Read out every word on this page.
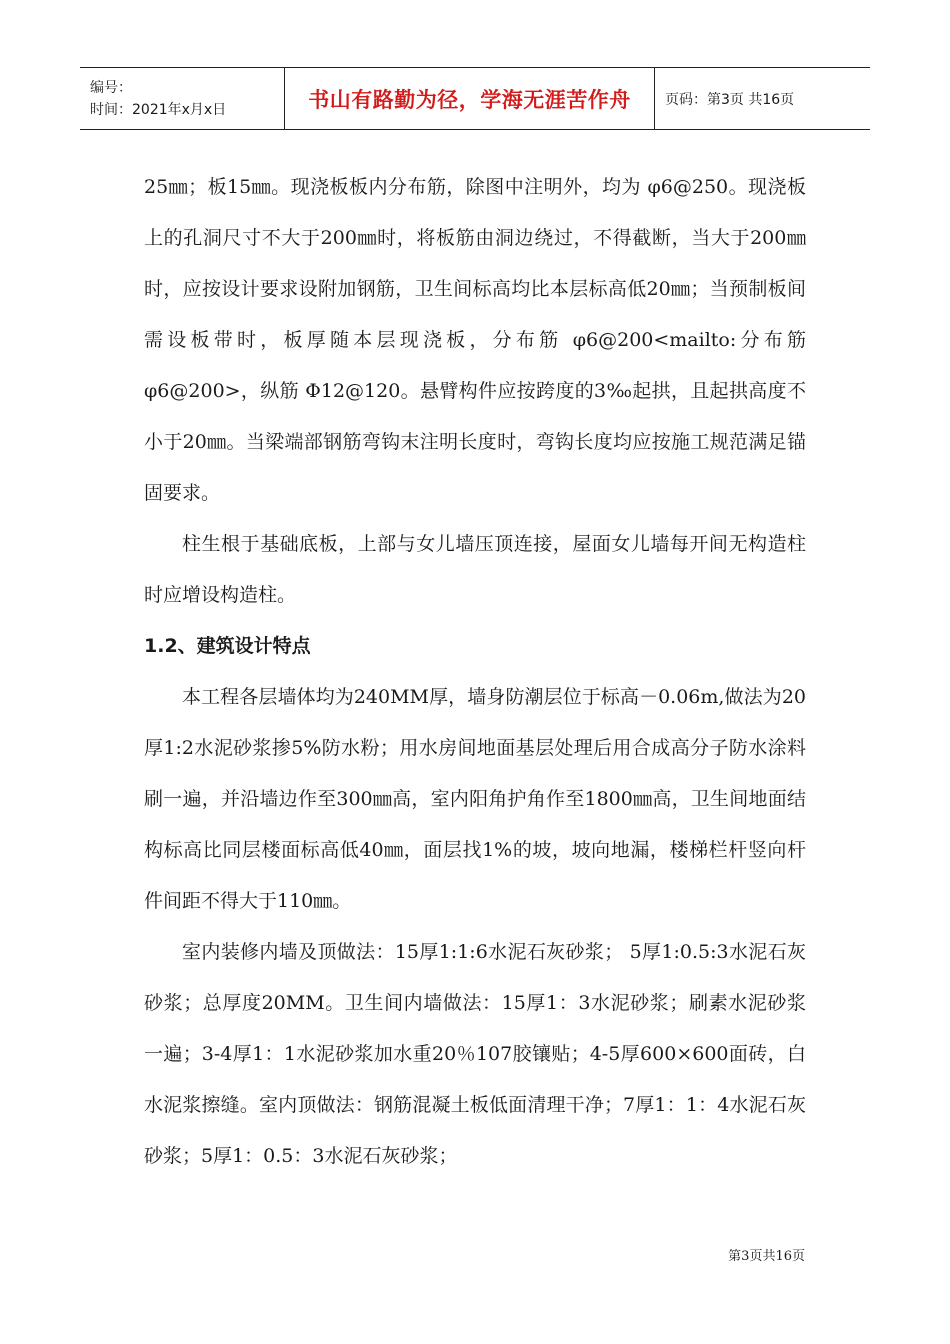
编号：
时间：2021年x月x日	书山有路勤为径，学海无涯苦作舟	页码：第3页 共16页

25㎜；板15㎜。现浇板板内分布筋，除图中注明外，均为 φ6@250。现浇板上的孔洞尺寸不大于200㎜时，将板筋由洞边绕过，不得截断，当大于200㎜时，应按设计要求设附加钢筋，卫生间标高均比本层标高低20㎜；当预制板间需设板带时，板厚随本层现浇板，分布筋 φ6@200<mailto:分布筋 φ6@200>，纵筋 Φ12@120。悬臂构件应按跨度的3‰起拱，且起拱高度不小于20㎜。当梁端部钢筋弯钩末注明长度时，弯钩长度均应按施工规范满足锚固要求。

柱生根于基础底板，上部与女儿墙压顶连接，屋面女儿墙每开间无构造柱时应增设构造柱。

1.2、建筑设计特点

本工程各层墙体均为240MM厚，墙身防潮层位于标高－0.06m,做法为20厚1:2水泥砂浆掺5%防水粉；用水房间地面基层处理后用合成高分子防水涂料刷一遍，并沿墙边作至300㎜高，室内阳角护角作至1800㎜高，卫生间地面结构标高比同层楼面标高低40㎜，面层找1%的坡，坡向地漏，楼梯栏杆竖向杆件间距不得大于110㎜。

室内装修内墙及顶做法：15厚1:1:6水泥石灰砂浆； 5厚1:0.5:3水泥石灰砂浆；总厚度20MM。卫生间内墙做法：15厚1：3水泥砂浆；刷素水泥砂浆一遍；3-4厚1：1水泥砂浆加水重20％107胶镶贴；4-5厚600×600面砖，白水泥浆擦缝。室内顶做法：钢筋混凝土板低面清理干净；7厚1：1：4水泥石灰砂浆；5厚1：0.5：3水泥石灰砂浆；

第3页共16页
